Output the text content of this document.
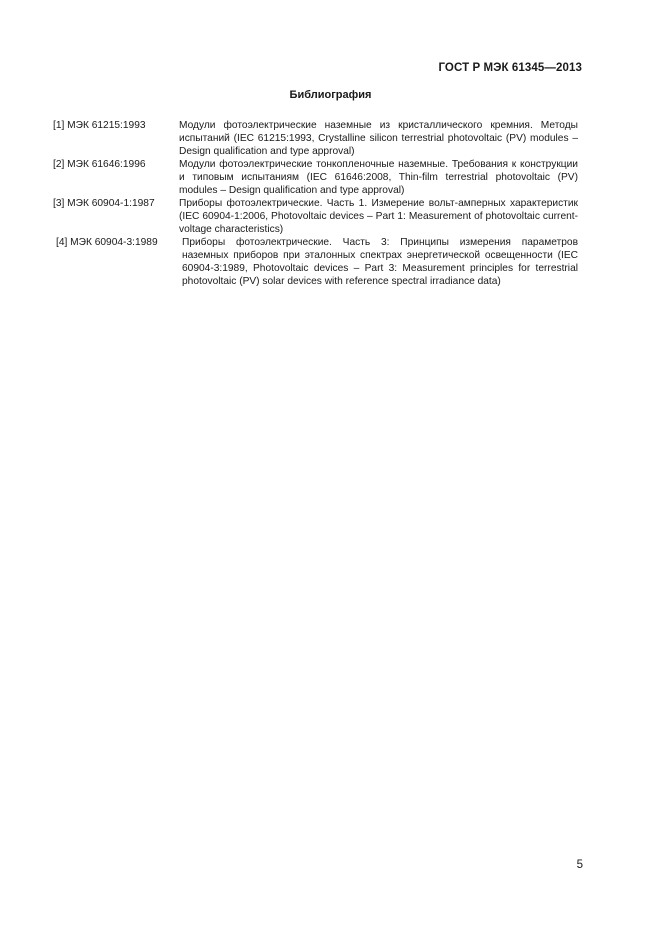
ГОСТ Р МЭК 61345—2013
Библиография
[1] МЭК 61215:1993	Модули фотоэлектрические наземные из кристаллического кремния. Методы испытаний (IEC 61215:1993, Crystalline silicon terrestrial photovoltaic (PV) modules – Design qualification and type approval)
[2] МЭК 61646:1996	Модули фотоэлектрические тонкопленочные наземные. Требования к конструкции и типовым испытаниям (IEC 61646:2008, Thin-film terrestrial photovoltaic (PV) modules – Design qualification and type approval)
[3] МЭК 60904-1:1987	Приборы фотоэлектрические. Часть 1. Измерение вольт-амперных характеристик (IEC 60904-1:2006, Photovoltaic devices – Part 1: Measurement of photovoltaic current-voltage characteristics)
[4] МЭК 60904-3:1989	Приборы фотоэлектрические. Часть 3: Принципы измерения параметров наземных приборов при эталонных спектрах энергетической освещенности (IEC 60904-3:1989, Photovoltaic devices – Part 3: Measurement principles for terrestrial photovoltaic (PV) solar devices with reference spectral irradiance data)
5
